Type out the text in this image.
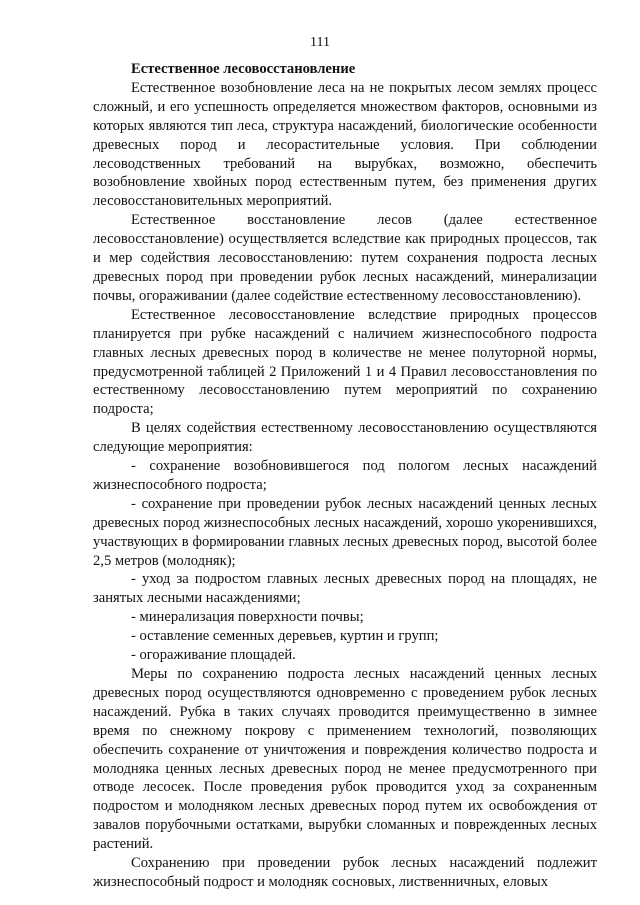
111

Естественное лесовосстановление

Естественное возобновление леса на не покрытых лесом землях процесс сложный, и его успешность определяется множеством факторов, основными из которых являются тип леса, структура насаждений, биологические особенности древесных пород и лесорастительные условия. При соблюдении лесоводственных требований на вырубках, возможно, обеспечить возобновление хвойных пород естественным путем, без применения других лесовосстановительных мероприятий.

Естественное восстановление лесов (далее естественное лесовосстановление) осуществляется вследствие как природных процессов, так и мер содействия лесовосстановлению: путем сохранения подроста лесных древесных пород при проведении рубок лесных насаждений, минерализации почвы, огораживании (далее содействие естественному лесовосстановлению).

Естественное лесовосстановление вследствие природных процессов планируется при рубке насаждений с наличием жизнеспособного подроста главных лесных древесных пород в количестве не менее полуторной нормы, предусмотренной таблицей 2 Приложений 1 и 4 Правил лесовосстановления по естественному лесовосстановлению путем мероприятий по сохранению подроста;

В целях содействия естественному лесовосстановлению осуществляются следующие мероприятия:

- сохранение возобновившегося под пологом лесных насаждений жизнеспособного подроста;

- сохранение при проведении рубок лесных насаждений ценных лесных древесных пород жизнеспособных лесных насаждений, хорошо укоренившихся, участвующих в формировании главных лесных древесных пород, высотой более 2,5 метров (молодняк);

- уход за подростом главных лесных древесных пород на площадях, не занятых лесными насаждениями;

- минерализация поверхности почвы;

- оставление семенных деревьев, куртин и групп;

- огораживание площадей.

Меры по сохранению подроста лесных насаждений ценных лесных древесных пород осуществляются одновременно с проведением рубок лесных насаждений. Рубка в таких случаях проводится преимущественно в зимнее время по снежному покрову с применением технологий, позволяющих обеспечить сохранение от уничтожения и повреждения количество подроста и молодняка ценных лесных древесных пород не менее предусмотренного при отводе лесосек. После проведения рубок проводится уход за сохраненным подростом и молодняком лесных древесных пород путем их освобождения от завалов порубочными остатками, вырубки сломанных и поврежденных лесных растений.

Сохранению при проведении рубок лесных насаждений подлежит жизнеспособный подрост и молодняк сосновых, лиственничных, еловых
